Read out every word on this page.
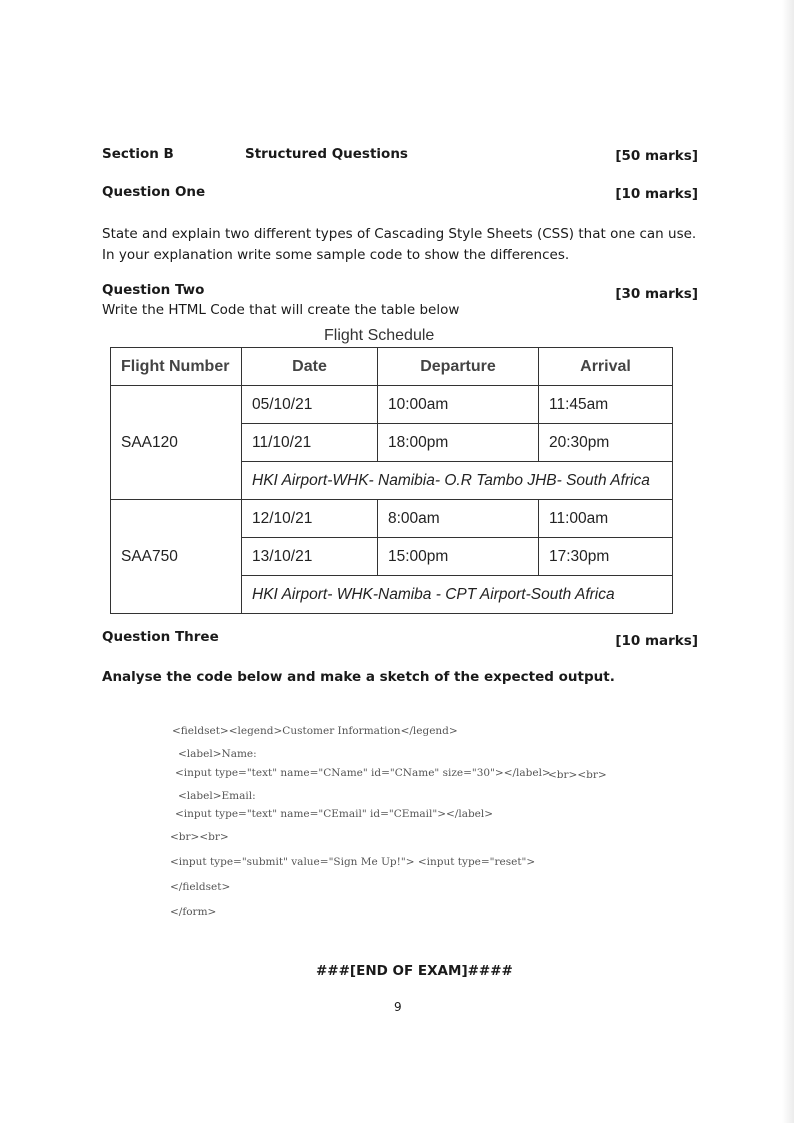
Section B	Structured Questions	[50 marks]
Question One	[10 marks]
State and explain two different types of Cascading Style Sheets (CSS) that one can use. In your explanation write some sample code to show the differences.
Question Two	[30 marks]
Write the HTML Code that will create the table below
Flight Schedule
Flight Number	Date	Departure	Arrival
SAA120	05/10/21	10:00am	11:45am
	11/10/21	18:00pm	20:30pm
	HKI Airport-WHK- Namibia- O.R Tambo JHB- South Africa		
SAA750	12/10/21	8:00am	11:00am
	13/10/21	15:00pm	17:30pm
	HKI Airport- WHK-Namiba - CPT Airport-South Africa		
Question Three	[10 marks]
Analyse the code below and make a sketch of the expected output.
<fieldset><legend>Customer Information</legend>
<label>Name:
<input type="text" name="CName" id="CName" size="30"></label>
<br><br>
<label>Email:
<input type="text" name="CEmail" id="CEmail"></label>
<br><br>
<input type="submit" value="Sign Me Up!"> <input type="reset">
</fieldset>
</form>
###[END OF EXAM]####
9
